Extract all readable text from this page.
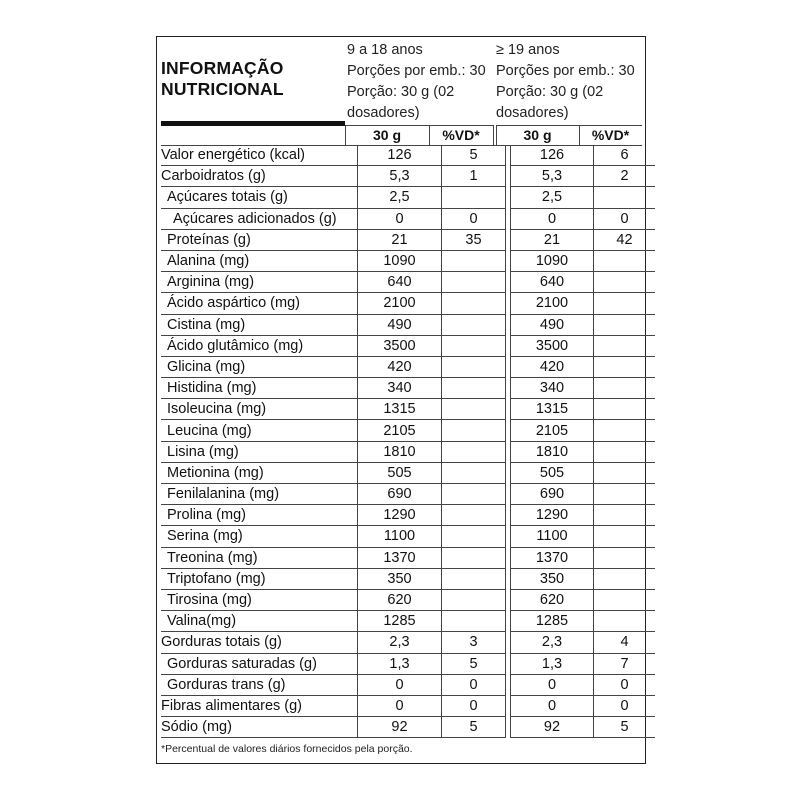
INFORMAÇÃO
NUTRICIONAL
9 a 18 anos
Porções por emb.: 30
Porção: 30 g (02
dosadores)
≥ 19 anos
Porções por emb.: 30
Porção: 30 g (02
dosadores)
30 g	%VD*	30 g	%VD*
Valor energético (kcal)	126	5		126	6
Carboidratos (g)	5,3	1		5,3	2
Açúcares totais (g)	2,5			2,5	
Açúcares adicionados (g)	0	0		0	0
Proteínas (g)	21	35		21	42
Alanina (mg)	1090			1090	
Arginina (mg)	640			640	
Ácido aspártico (mg)	2100			2100	
Cistina (mg)	490			490	
Ácido glutâmico (mg)	3500			3500	
Glicina (mg)	420			420	
Histidina (mg)	340			340	
Isoleucina (mg)	1315			1315	
Leucina (mg)	2105			2105	
Lisina (mg)	1810			1810	
Metionina (mg)	505			505	
Fenilalanina (mg)	690			690	
Prolina (mg)	1290			1290	
Serina (mg)	1100			1100	
Treonina (mg)	1370			1370	
Triptofano (mg)	350			350	
Tirosina (mg)	620			620	
Valina(mg)	1285			1285	
Gorduras totais (g)	2,3	3		2,3	4
Gorduras saturadas (g)	1,3	5		1,3	7
Gorduras trans (g)	0	0		0	0
Fibras alimentares (g)	0	0		0	0
Sódio (mg)	92	5		92	5
*Percentual de valores diários fornecidos pela porção.
